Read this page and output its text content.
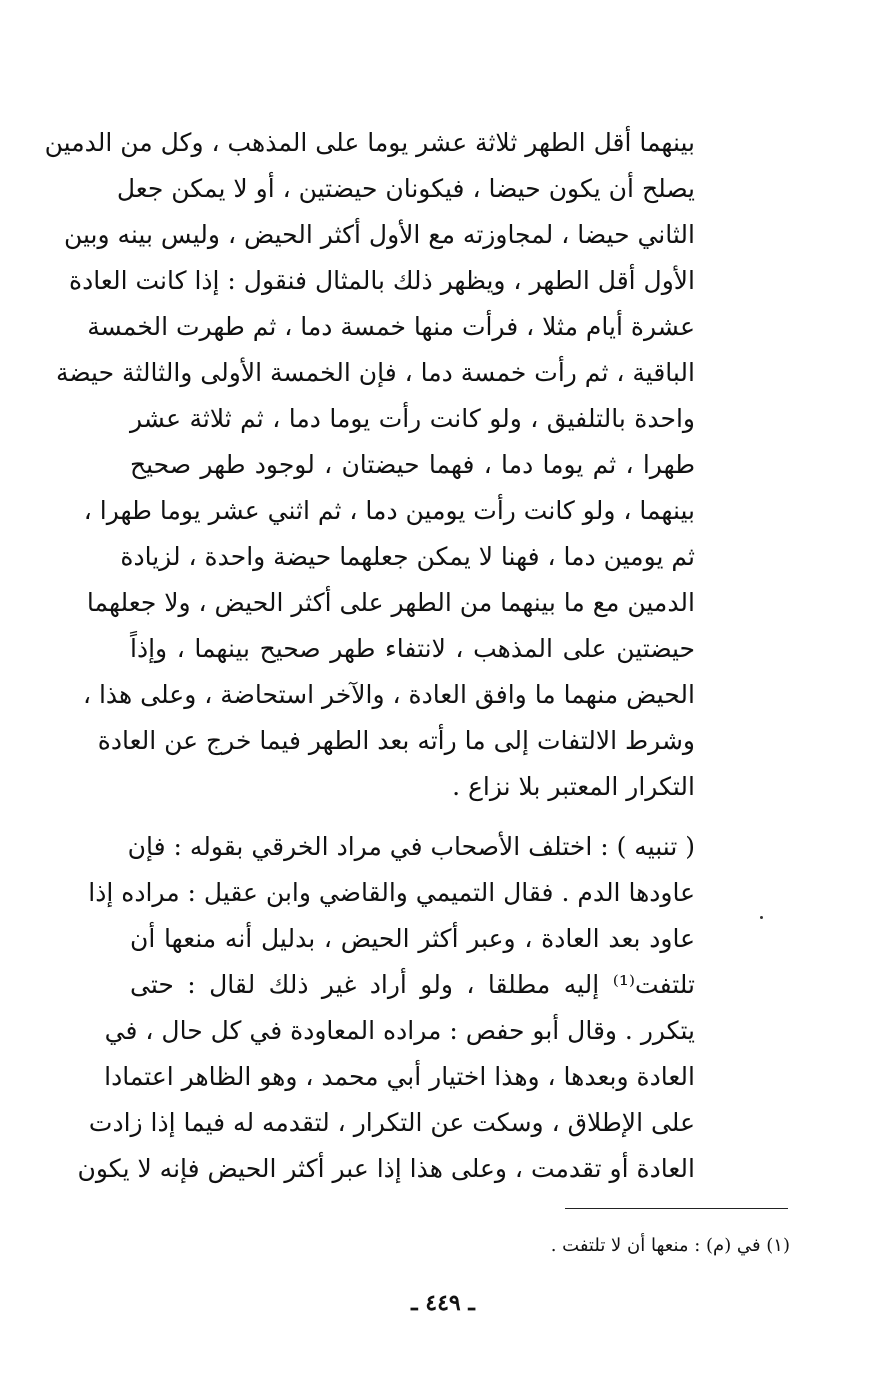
بينهما أقل الطهر ثلاثة عشر يوما على المذهب ، وكل من الدمين
يصلح أن يكون حيضا ، فيكونان حيضتين ، أو لا يمكن جعل
الثاني حيضا ، لمجاوزته مع الأول أكثر الحيض ، وليس بينه وبين
الأول أقل الطهر ، ويظهر ذلك بالمثال فنقول : إذا كانت العادة
عشرة أيام مثلا ، فرأت منها خمسة دما ، ثم طهرت الخمسة
الباقية ، ثم رأت خمسة دما ، فإن الخمسة الأولى والثالثة حيضة
واحدة بالتلفيق ، ولو كانت رأت يوما دما ، ثم ثلاثة عشر
طهرا ، ثم يوما دما ، فهما حيضتان ، لوجود طهر صحيح
بينهما ، ولو كانت رأت يومين دما ، ثم اثني عشر يوما طهرا ،
ثم يومين دما ، فهنا لا يمكن جعلهما حيضة واحدة ، لزيادة
الدمين مع ما بينهما من الطهر على أكثر الحيض ، ولا جعلهما
حيضتين على المذهب ، لانتفاء طهر صحيح بينهما ، وإذاً
الحيض منهما ما وافق العادة ، والآخر استحاضة ، وعلى هذا ،
وشرط الالتفات إلى ما رأته بعد الطهر فيما خرج عن العادة
التكرار المعتبر بلا نزاع .
( تنبيه ) : اختلف الأصحاب في مراد الخرقي بقوله : فإن
عاودها الدم . فقال التميمي والقاضي وابن عقيل : مراده إذا
عاود بعد العادة ، وعبر أكثر الحيض ، بدليل أنه منعها أن
تلتفت⁽¹⁾ إليه مطلقا ، ولو أراد غير ذلك لقال : حتى
يتكرر . وقال أبو حفص : مراده المعاودة في كل حال ، في
العادة وبعدها ، وهذا اختيار أبي محمد ، وهو الظاهر اعتمادا
على الإطلاق ، وسكت عن التكرار ، لتقدمه له فيما إذا زادت
العادة أو تقدمت ، وعلى هذا إذا عبر أكثر الحيض فإنه لا يكون
(١) في (م) : منعها أن لا تلتفت .
ـ ٤٤٩ ـ
